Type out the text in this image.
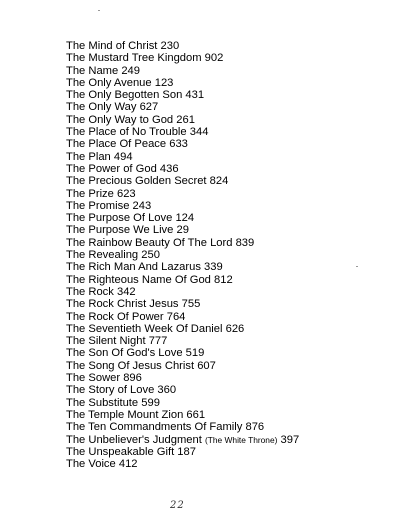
The Mind of Christ 230
The Mustard Tree Kingdom 902
The Name 249
The Only Avenue 123
The Only Begotten Son 431
The Only Way 627
The Only Way to God 261
The Place of No Trouble 344
The Place Of Peace 633
The Plan 494
The Power of God 436
The Precious Golden Secret 824
The Prize 623
The Promise 243
The Purpose Of Love 124
The Purpose We Live 29
The Rainbow Beauty Of The Lord 839
The Revealing 250
The Rich Man And Lazarus 339
The Righteous Name Of God 812
The Rock 342
The Rock Christ Jesus 755
The Rock Of Power 764
The Seventieth Week Of Daniel 626
The Silent Night 777
The Son Of God's Love 519
The Song Of Jesus Christ 607
The Sower 896
The Story of Love 360
The Substitute 599
The Temple Mount Zion 661
The Ten Commandments Of Family 876
The Unbeliever's Judgment (The White Throne) 397
The Unspeakable Gift 187
The Voice 412
22
